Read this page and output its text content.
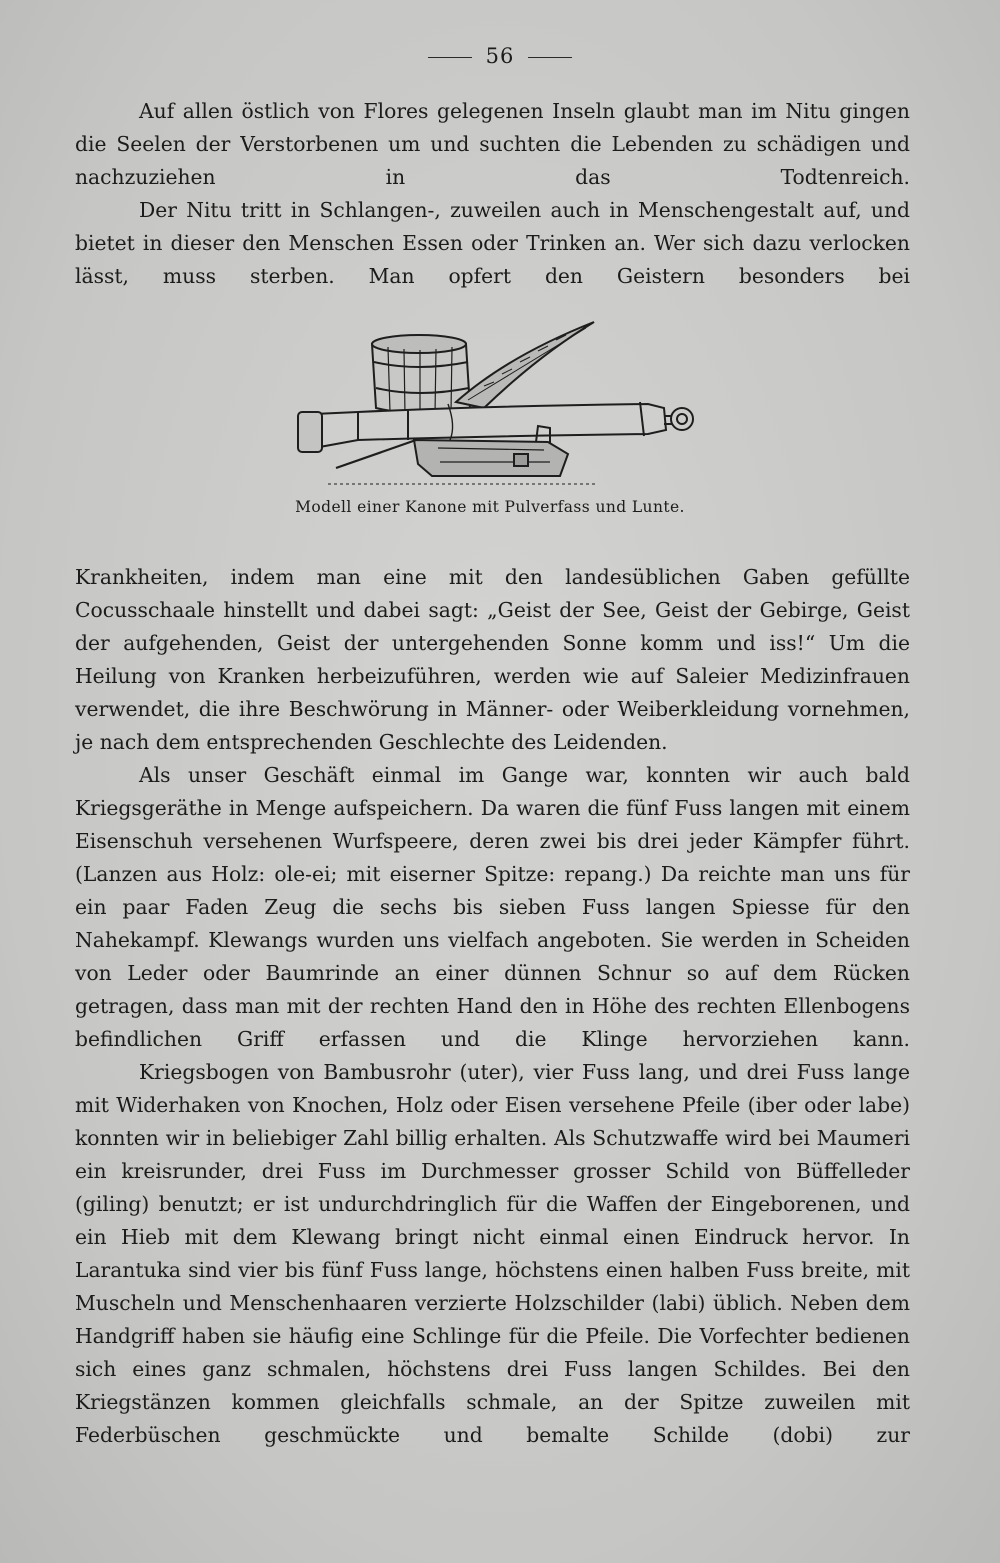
56

Auf allen östlich von Flores gelegenen Inseln glaubt man im Nitu gingen die Seelen der Verstorbenen um und suchten die Lebenden zu schädigen und nachzuziehen in das Todtenreich.

Der Nitu tritt in Schlangen-, zuweilen auch in Menschengestalt auf, und bietet in dieser den Menschen Essen oder Trinken an. Wer sich dazu verlocken lässt, muss sterben. Man opfert den Geistern besonders bei

Modell einer Kanone mit Pulverfass und Lunte.

Krankheiten, indem man eine mit den landesüblichen Gaben gefüllte Cocusschaale hinstellt und dabei sagt: „Geist der See, Geist der Gebirge, Geist der aufgehenden, Geist der untergehenden Sonne komm und iss!“ Um die Heilung von Kranken herbeizuführen, werden wie auf Saleier Medizinfrauen verwendet, die ihre Beschwörung in Männer- oder Weiberkleidung vornehmen, je nach dem entsprechenden Geschlechte des Leidenden.

Als unser Geschäft einmal im Gange war, konnten wir auch bald Kriegsgeräthe in Menge aufspeichern. Da waren die fünf Fuss langen mit einem Eisenschuh versehenen Wurfspeere, deren zwei bis drei jeder Kämpfer führt. (Lanzen aus Holz: ole-ei; mit eiserner Spitze: repang.) Da reichte man uns für ein paar Faden Zeug die sechs bis sieben Fuss langen Spiesse für den Nahekampf. Klewangs wurden uns vielfach angeboten. Sie werden in Scheiden von Leder oder Baumrinde an einer dünnen Schnur so auf dem Rücken getragen, dass man mit der rechten Hand den in Höhe des rechten Ellenbogens befindlichen Griff erfassen und die Klinge hervorziehen kann.

Kriegsbogen von Bambusrohr (uter), vier Fuss lang, und drei Fuss lange mit Widerhaken von Knochen, Holz oder Eisen versehene Pfeile (iber oder labe) konnten wir in beliebiger Zahl billig erhalten. Als Schutzwaffe wird bei Maumeri ein kreisrunder, drei Fuss im Durchmesser grosser Schild von Büffelleder (giling) benutzt; er ist undurchdringlich für die Waffen der Eingeborenen, und ein Hieb mit dem Klewang bringt nicht einmal einen Eindruck hervor. In Larantuka sind vier bis fünf Fuss lange, höchstens einen halben Fuss breite, mit Muscheln und Menschenhaaren verzierte Holzschilder (labi) üblich. Neben dem Handgriff haben sie häufig eine Schlinge für die Pfeile. Die Vorfechter bedienen sich eines ganz schmalen, höchstens drei Fuss langen Schildes. Bei den Kriegstänzen kommen gleichfalls schmale, an der Spitze zuweilen mit Federbüschen geschmückte und bemalte Schilde (dobi) zur
